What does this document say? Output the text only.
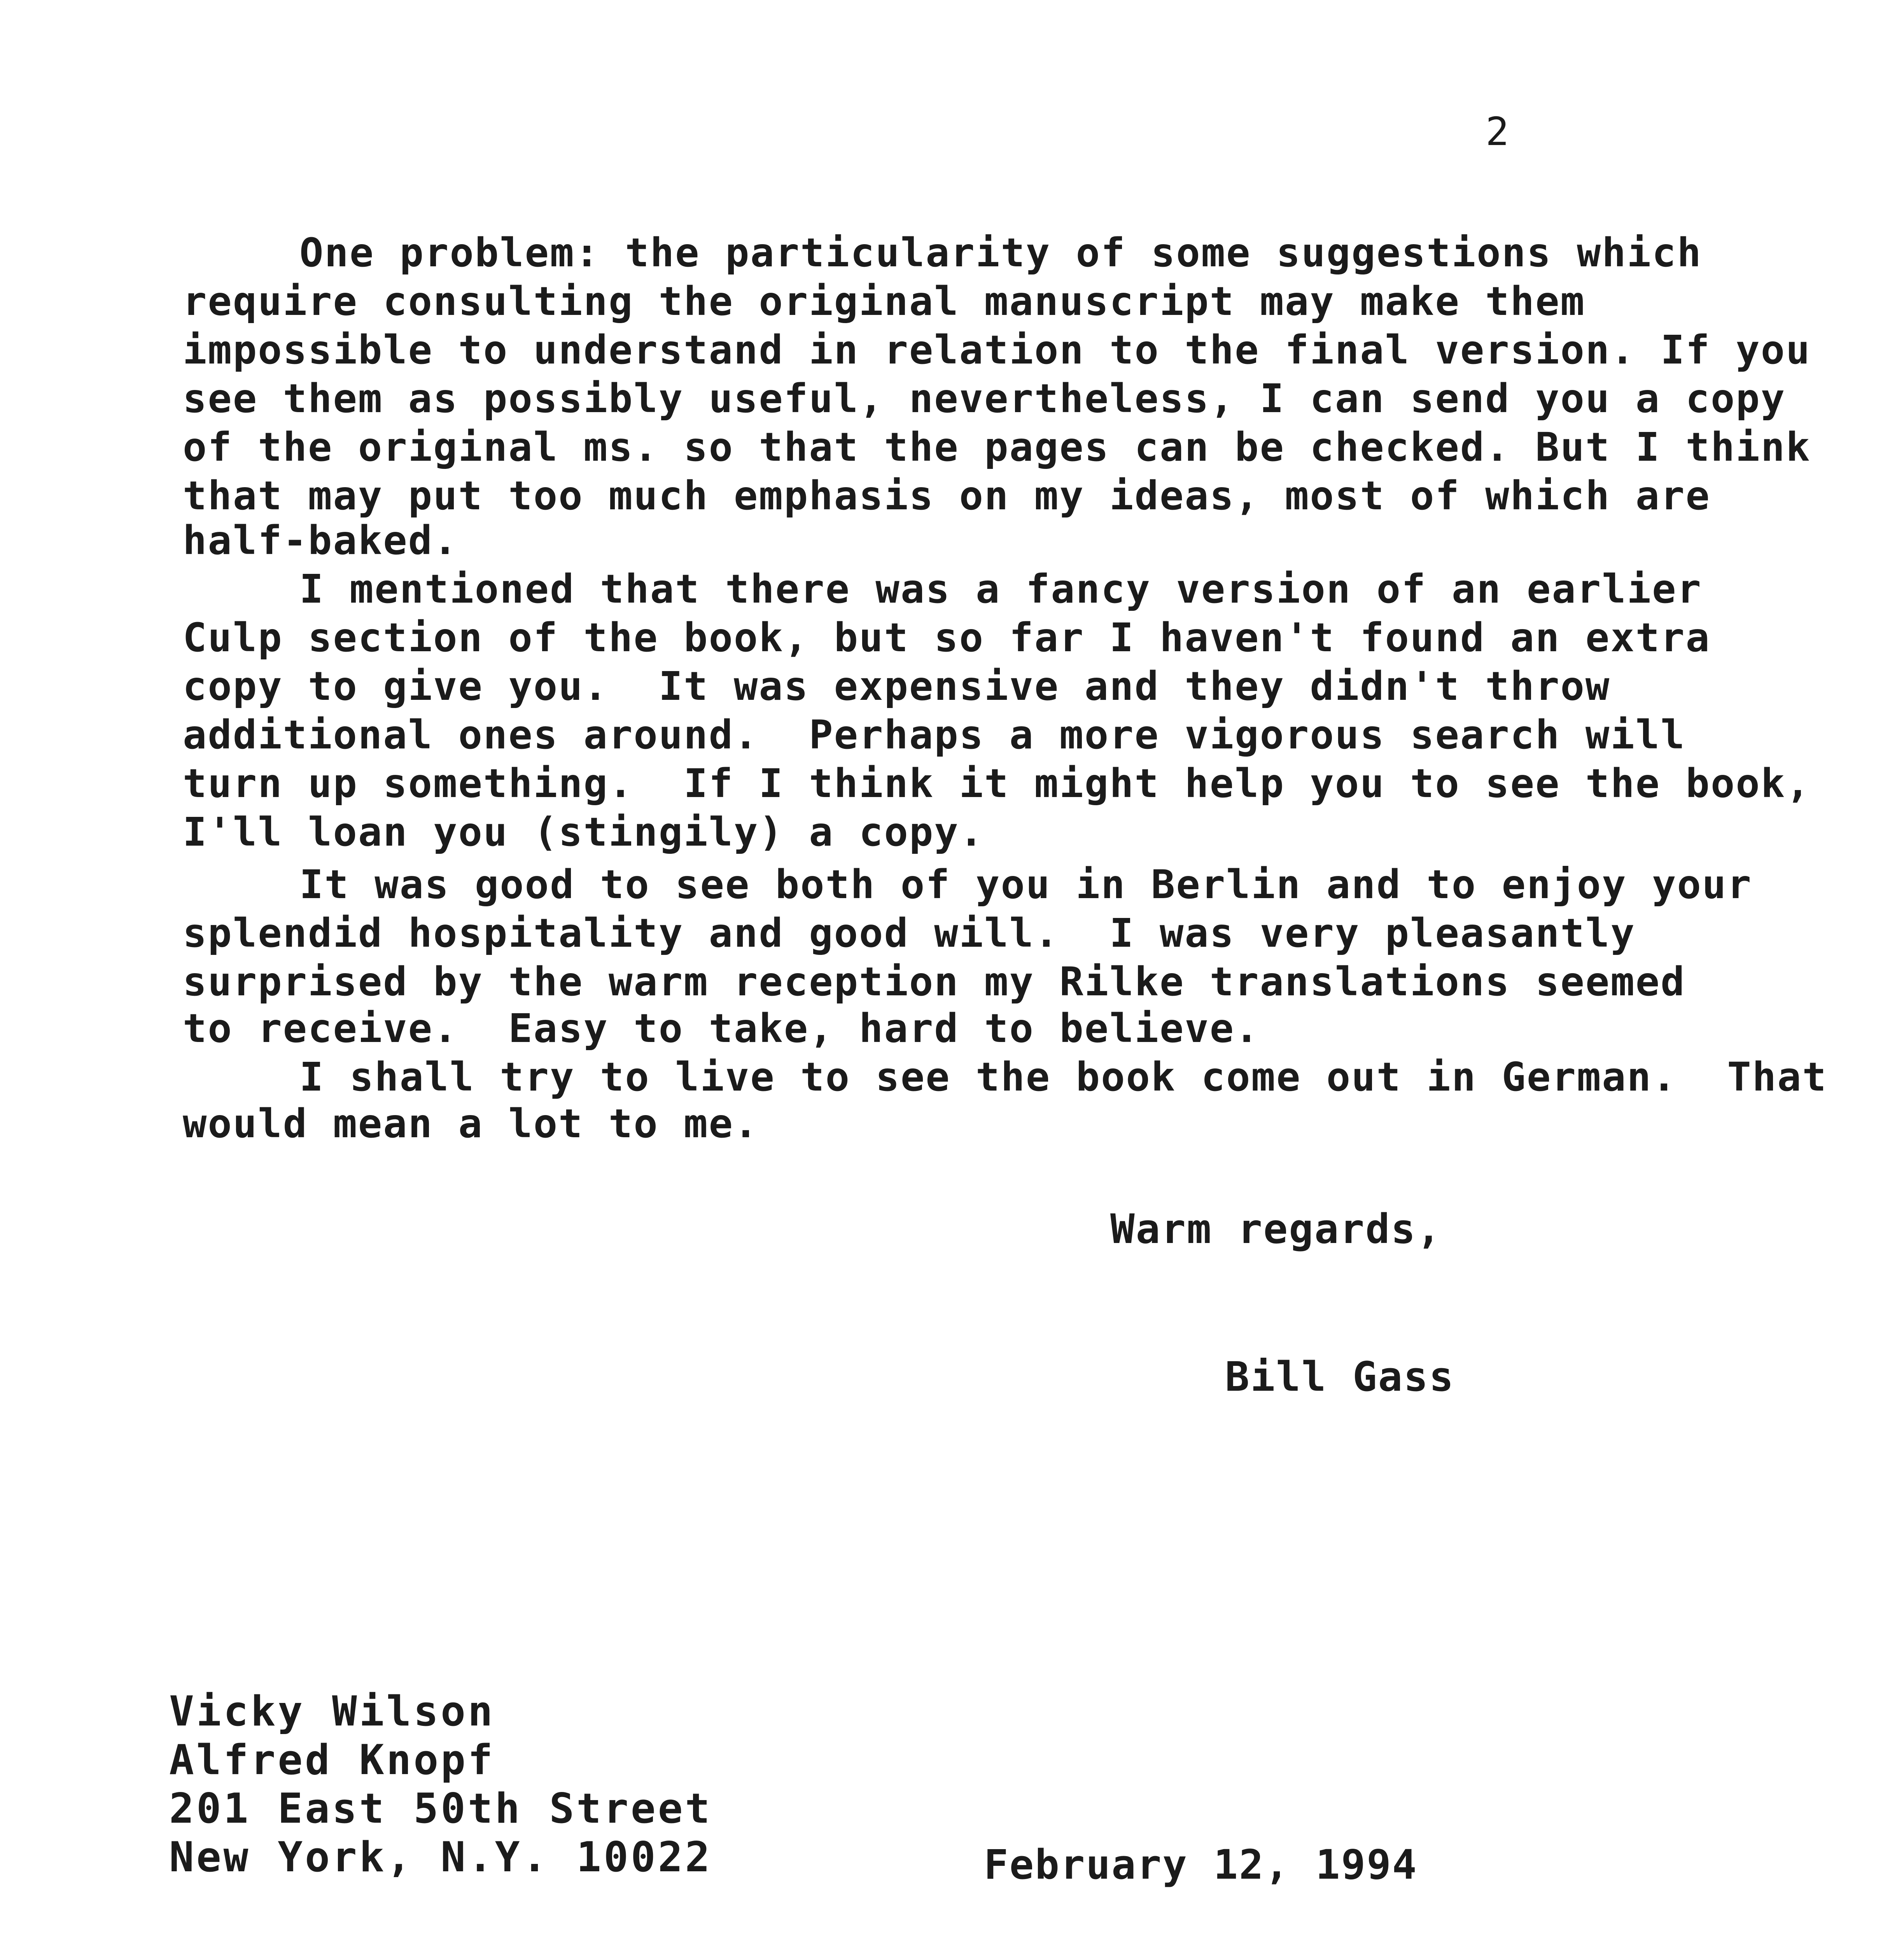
2
One problem: the particularity of some suggestions which
require consulting the original manuscript may make them
impossible to understand in relation to the final version. If you
see them as possibly useful, nevertheless, I can send you a copy
of the original ms. so that the pages can be checked. But I think
that may put too much emphasis on my ideas, most of which are
half-baked.
I mentioned that there was a fancy version of an earlier
Culp section of the book, but so far I haven't found an extra
copy to give you.  It was expensive and they didn't throw
additional ones around.  Perhaps a more vigorous search will
turn up something.  If I think it might help you to see the book,
I'll loan you (stingily) a copy.
It was good to see both of you in Berlin and to enjoy your
splendid hospitality and good will.  I was very pleasantly
surprised by the warm reception my Rilke translations seemed
to receive.  Easy to take, hard to believe.
I shall try to live to see the book come out in German.  That
would mean a lot to me.
Warm regards,
Bill Gass
Vicky Wilson
Alfred Knopf
201 East 50th Street
New York, N.Y. 10022	February 12, 1994
